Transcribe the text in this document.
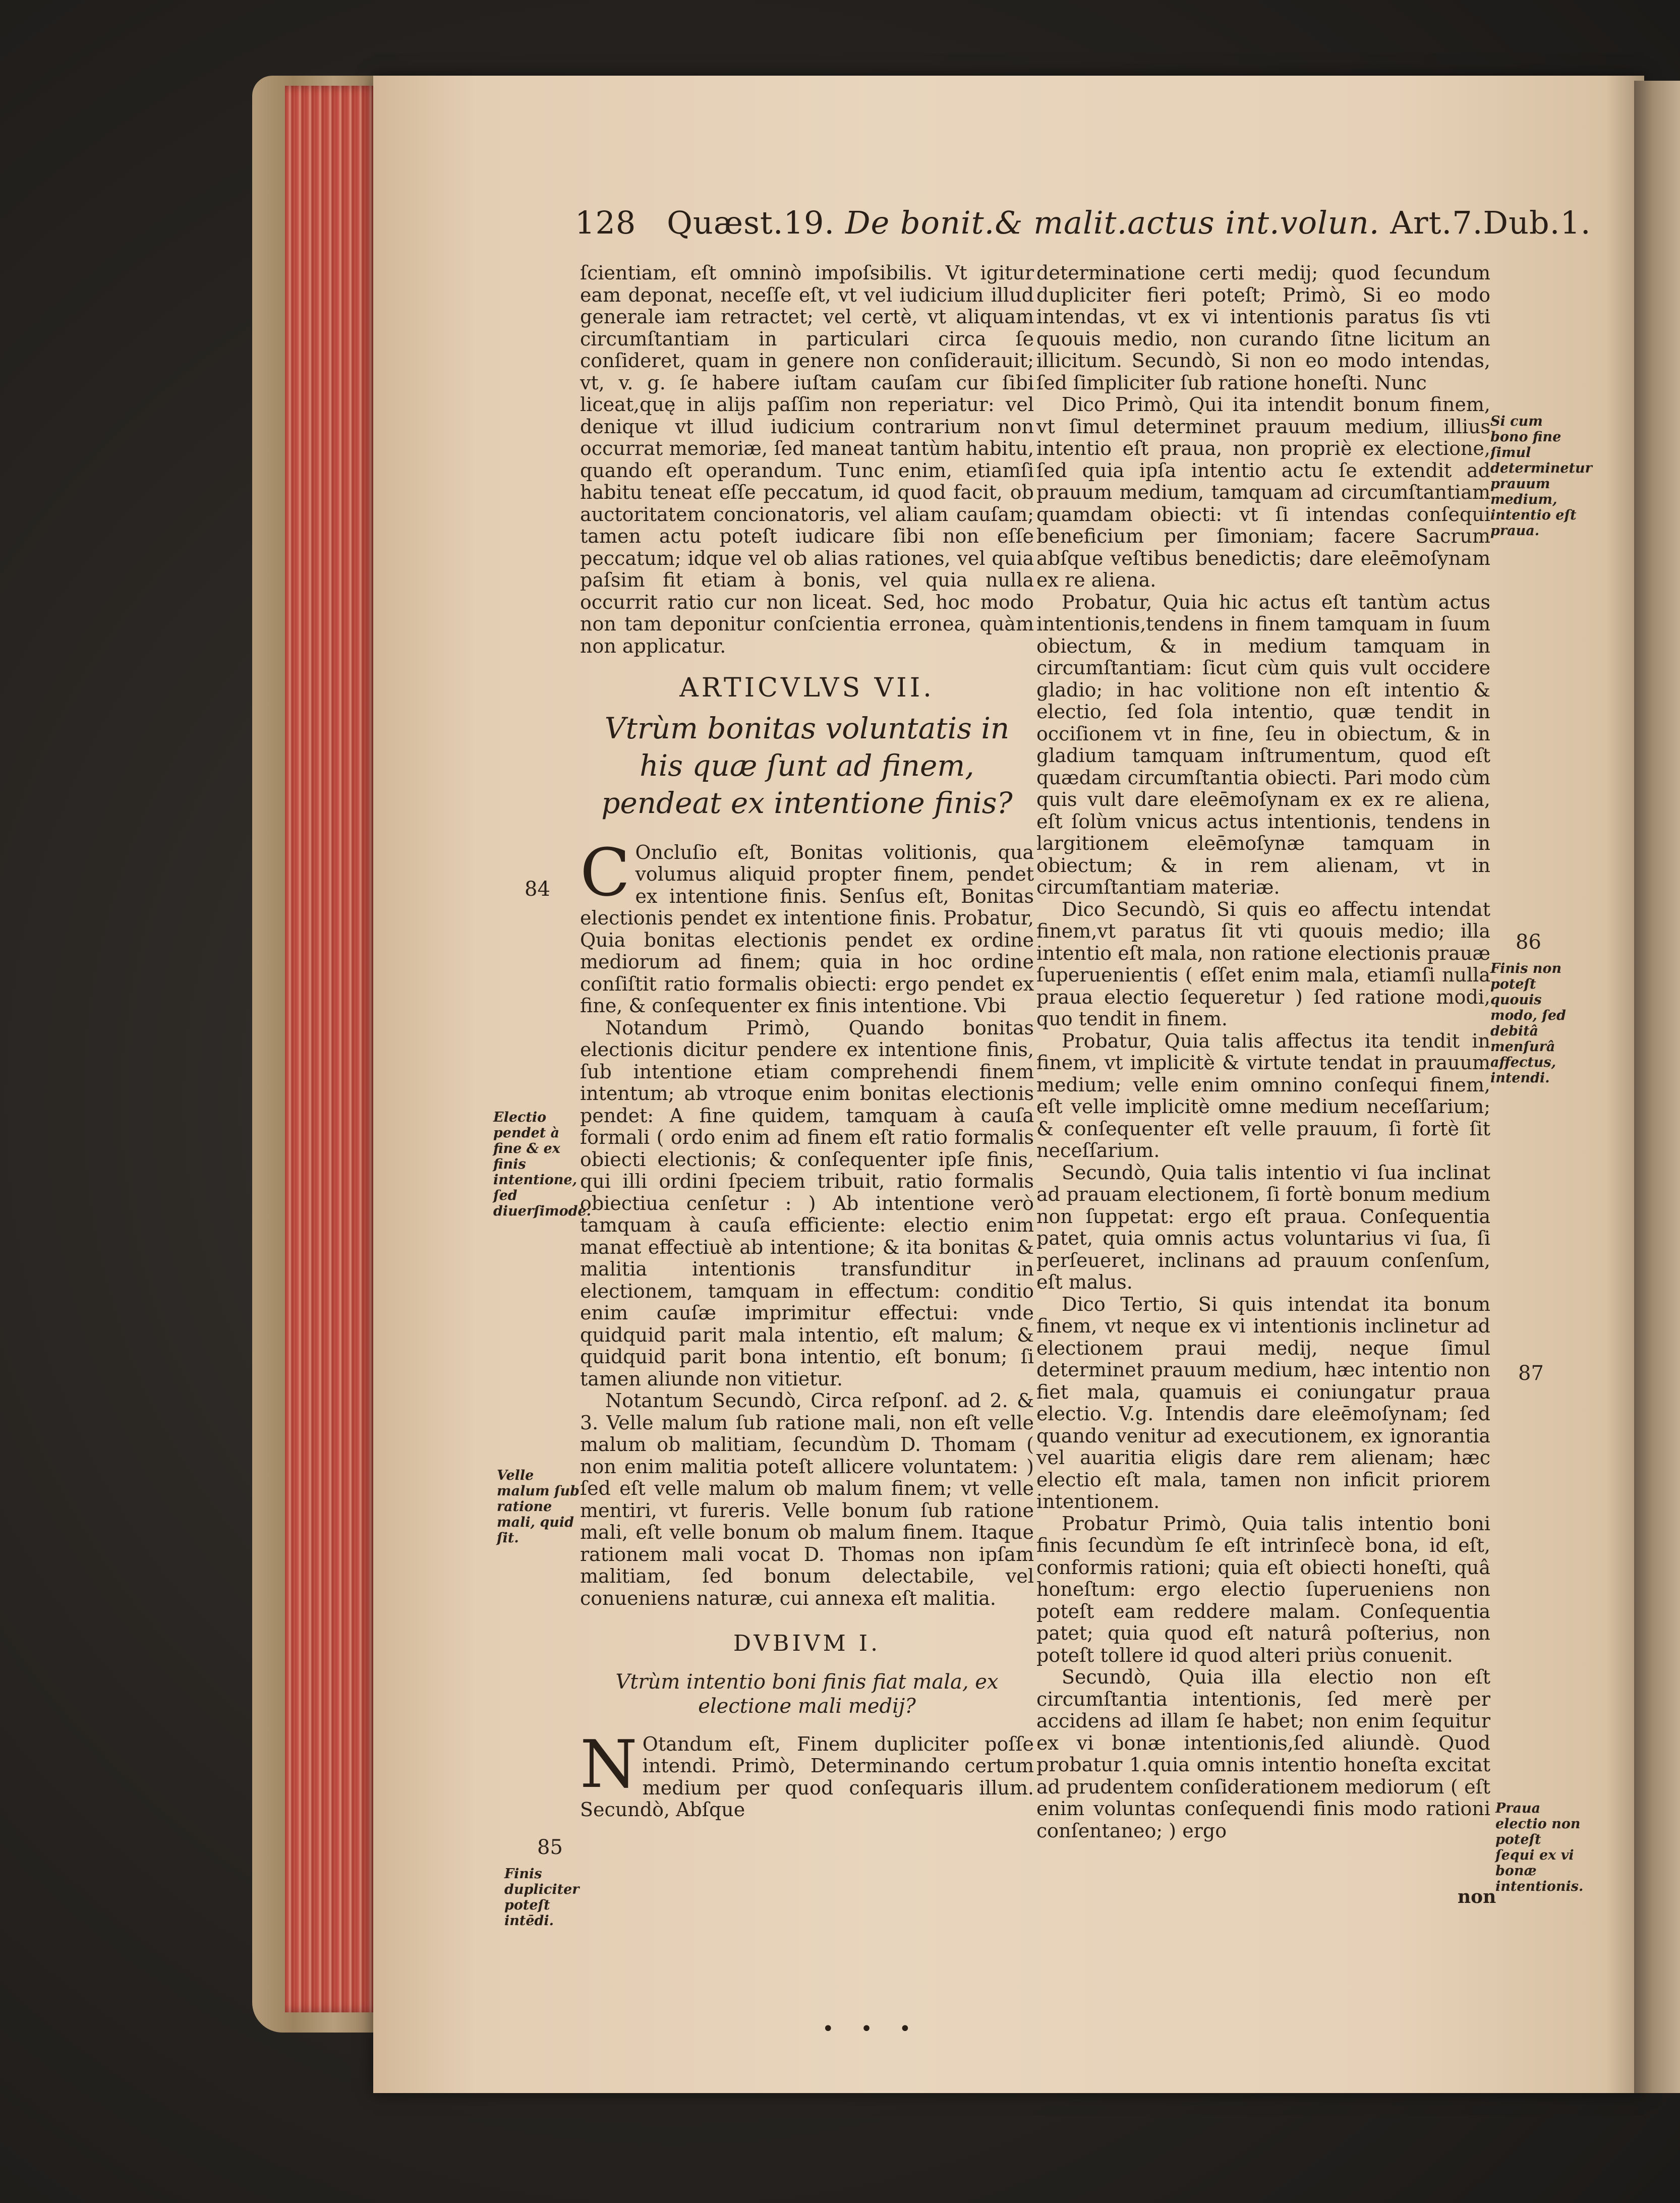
128 Quæst.19. De bonit.& malit.actus int.volun. Art.7.Dub.1.

ſcientiam, eſt omninò impoſsibilis. Vt igitur eam deponat, neceſſe eſt, vt vel iudicium illud generale iam retractet; vel certè, vt aliquam circumſtantiam in particulari circa ſe conſideret, quam in genere non conſiderauit; vt, v. g. ſe habere iuſtam cauſam cur ſibi liceat,quę in alijs paſſim non reperiatur: vel denique vt illud iudicium contrarium non occurrat memoriæ, ſed maneat tantùm habitu, quando eſt operandum. Tunc enim, etiamſi habitu teneat eſſe peccatum, id quod facit, ob auctoritatem concionatoris, vel aliam cauſam; tamen actu poteſt iudicare ſibi non eſſe peccatum; idque vel ob alias rationes, vel quia paſsim fit etiam à bonis, vel quia nulla occurrit ratio cur non liceat. Sed, hoc modo non tam deponitur conſcientia erronea, quàm non applicatur.

ARTICVLVS VII.
Vtrùm bonitas voluntatis in his quæ ſunt ad finem, pendeat ex intentione finis?

C Oncluſio eſt, Bonitas volitionis, qua volumus aliquid propter finem, pendet ex intentione finis. Senſus eſt, Bonitas electionis pendet ex intentione finis. Probatur, Quia bonitas electionis pendet ex ordine mediorum ad finem; quia in hoc ordine conſiſtit ratio formalis obiecti: ergo pendet ex fine, & conſequenter ex finis intentione. Vbi

Notandum Primò, Quando bonitas electionis dicitur pendere ex intentione finis, ſub intentione etiam comprehendi finem intentum; ab vtroque enim bonitas electionis pendet: A fine quidem, tamquam à cauſa formali ( ordo enim ad finem eſt ratio formalis obiecti electionis; & conſequenter ipſe finis, qui illi ordini ſpeciem tribuit, ratio formalis obiectiua cenſetur : ) Ab intentione verò tamquam à cauſa efficiente: electio enim manat effectiuè ab intentione; & ita bonitas & malitia intentionis transfunditur in electionem, tamquam in effectum: conditio enim cauſæ imprimitur effectui: vnde quidquid parit mala intentio, eſt malum; & quidquid parit bona intentio, eſt bonum; ſi tamen aliunde non vitietur.

Notantum Secundò, Circa reſponſ. ad 2. & 3. Velle malum ſub ratione mali, non eſt velle malum ob malitiam, ſecundùm D. Thomam ( non enim malitia poteſt allicere voluntatem: ) ſed eſt velle malum ob malum finem; vt velle mentiri, vt fureris. Velle bonum ſub ratione mali, eſt velle bonum ob malum finem. Itaque rationem mali vocat D. Thomas non ipſam malitiam, ſed bonum delectabile, vel conueniens naturæ, cui annexa eſt malitia.

DVBIVM I.
Vtrùm intentio boni finis fiat mala, ex electione mali medij?

N Otandum eſt, Finem dupliciter poſſe intendi. Primò, Determinando certum medium per quod conſequaris illum. Secundò, Abſque

determinatione certi medij; quod ſecundum dupliciter fieri poteſt; Primò, Si eo modo intendas, vt ex vi intentionis paratus ſis vti quouis medio, non curando ſitne licitum an illicitum. Secundò, Si non eo modo intendas, ſed ſimpliciter ſub ratione honeſti. Nunc

Dico Primò, Qui ita intendit bonum finem, vt ſimul determinet prauum medium, illius intentio eſt praua, non propriè ex electione, ſed quia ipſa intentio actu ſe extendit ad prauum medium, tamquam ad circumſtantiam quamdam obiecti: vt ſi intendas conſequi beneficium per ſimoniam; facere Sacrum abſque veſtibus benedictis; dare eleēmoſynam ex re aliena.

Probatur, Quia hic actus eſt tantùm actus intentionis,tendens in finem tamquam in ſuum obiectum, & in medium tamquam in circumſtantiam: ſicut cùm quis vult occidere gladio; in hac volitione non eſt intentio & electio, ſed ſola intentio, quæ tendit in occiſionem vt in fine, ſeu in obiectum, & in gladium tamquam inſtrumentum, quod eſt quædam circumſtantia obiecti. Pari modo cùm quis vult dare eleēmoſynam ex ex re aliena, eſt ſolùm vnicus actus intentionis, tendens in largitionem eleēmoſynæ tamquam in obiectum; & in rem alienam, vt in circumſtantiam materiæ.

Dico Secundò, Si quis eo affectu intendat finem,vt paratus ſit vti quouis medio; illa intentio eſt mala, non ratione electionis prauæ ſuperuenientis ( eſſet enim mala, etiamſi nulla praua electio ſequeretur ) ſed ratione modi, quo tendit in finem.

Probatur, Quia talis affectus ita tendit in finem, vt implicitè & virtute tendat in prauum medium; velle enim omnino conſequi finem, eſt velle implicitè omne medium neceſſarium; & conſequenter eſt velle prauum, ſi fortè ſit neceſſarium.

Secundò, Quia talis intentio vi ſua inclinat ad prauam electionem, ſi fortè bonum medium non ſuppetat: ergo eſt praua. Conſequentia patet, quia omnis actus voluntarius vi ſua, ſi perſeueret, inclinans ad prauum conſenſum, eſt malus.

Dico Tertio, Si quis intendat ita bonum finem, vt neque ex vi intentionis inclinetur ad electionem praui medij, neque ſimul determinet prauum medium, hæc intentio non fiet mala, quamuis ei coniungatur praua electio. V.g. Intendis dare eleēmoſynam; ſed quando venitur ad executionem, ex ignorantia vel auaritia eligis dare rem alienam; hæc electio eſt mala, tamen non inficit priorem intentionem.

Probatur Primò, Quia talis intentio boni finis ſecundùm ſe eſt intrinſecè bona, id eſt, conformis rationi; quia eſt obiecti honeſti, quâ honeſtum: ergo electio ſuperueniens non poteſt eam reddere malam. Conſequentia patet; quia quod eſt naturâ poſterius, non poteſt tollere id quod alteri priùs conuenit.

Secundò, Quia illa electio non eſt circumſtantia intentionis, ſed merè per accidens ad illam ſe habet; non enim ſequitur ex vi bonæ intentionis,ſed aliundè. Quod probatur 1.quia omnis intentio honeſta excitat ad prudentem conſiderationem mediorum ( eſt enim voluntas conſequendi finis modo rationi conſentaneo; ) ergo

84
85
86
87
Electio pendet à fine & ex finis intentione, ſed diuerſimodè.
Velle malum ſub ratione mali, quid ſit.
Finis dupliciter poteſt intēdi.
Si cum bono fine ſimul determinetur prauum medium, intentio eſt praua.
Finis non poteſt quouis modo, ſed debitâ menſurâ affectus, intendi.
Praua electio non poteſt ſequi ex vi bonæ intentionis.
non
• • •
